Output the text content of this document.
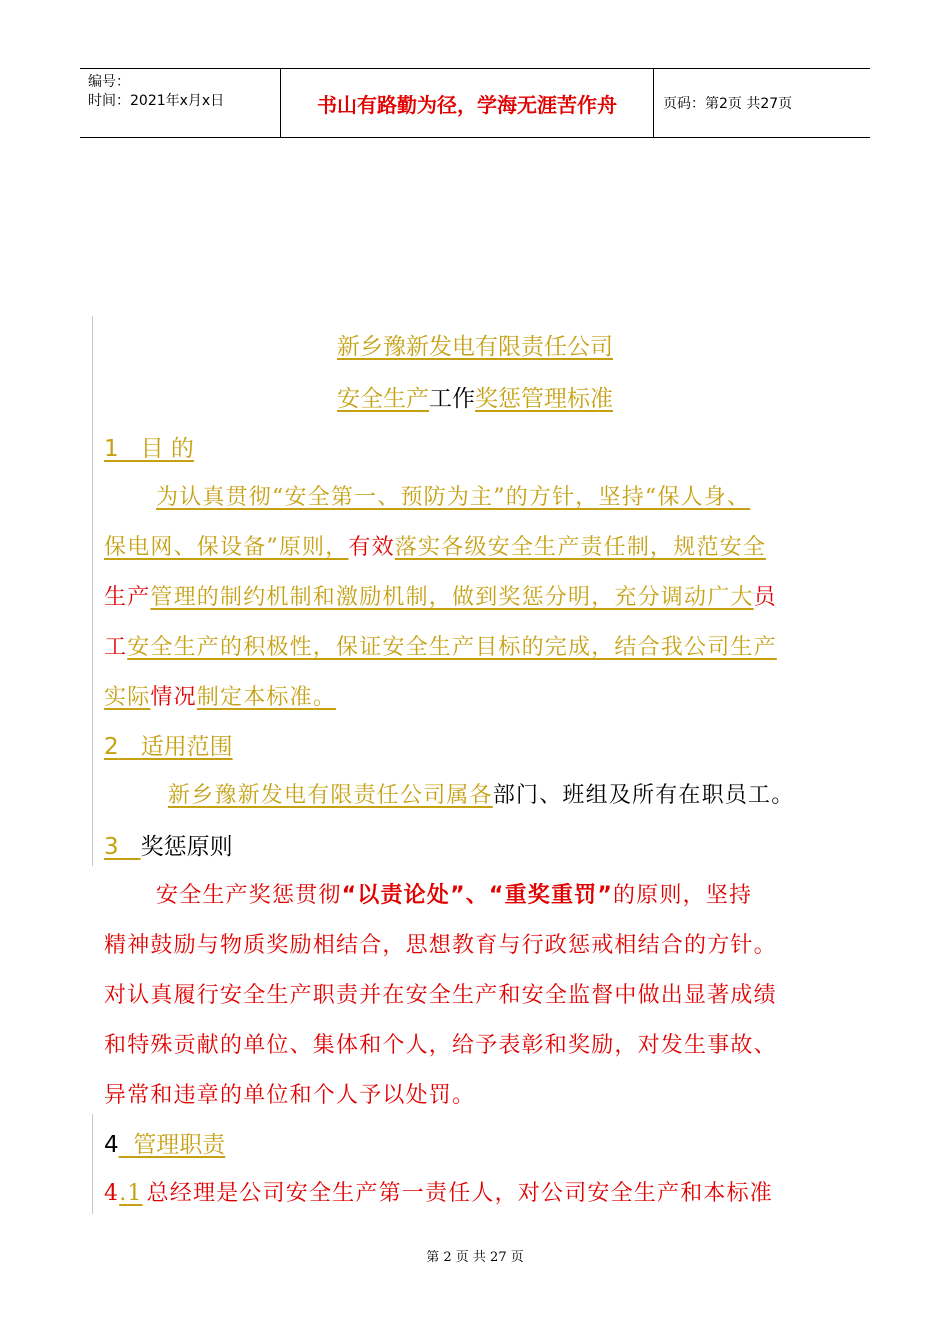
编号：
时间：2021年x月x日	书山有路勤为径，学海无涯苦作舟	页码：第2页 共27页
新乡豫新发电有限责任公司
安全生产工作奖惩管理标准
1 目 的
为认真贯彻“安全第一、预防为主”的方针，坚持“保人身、
保电网、保设备”原则，有效落实各级安全生产责任制，规范安全
生产管理的制约机制和激励机制，做到奖惩分明，充分调动广大员
工安全生产的积极性，保证安全生产目标的完成，结合我公司生产
实际情况制定本标准。
2 适用范围
新乡豫新发电有限责任公司属各部门、班组及所有在职员工。
3 奖惩原则
安全生产奖惩贯彻“以责论处”、“重奖重罚”的原则，坚持
精神鼓励与物质奖励相结合，思想教育与行政惩戒相结合的方针。
对认真履行安全生产职责并在安全生产和安全监督中做出显著成绩
和特殊贡献的单位、集体和个人，给予表彰和奖励，对发生事故、
异常和违章的单位和个人予以处罚。
4 管理职责
4.1 总经理是公司安全生产第一责任人，对公司安全生产和本标准
第 2 页 共 27 页
